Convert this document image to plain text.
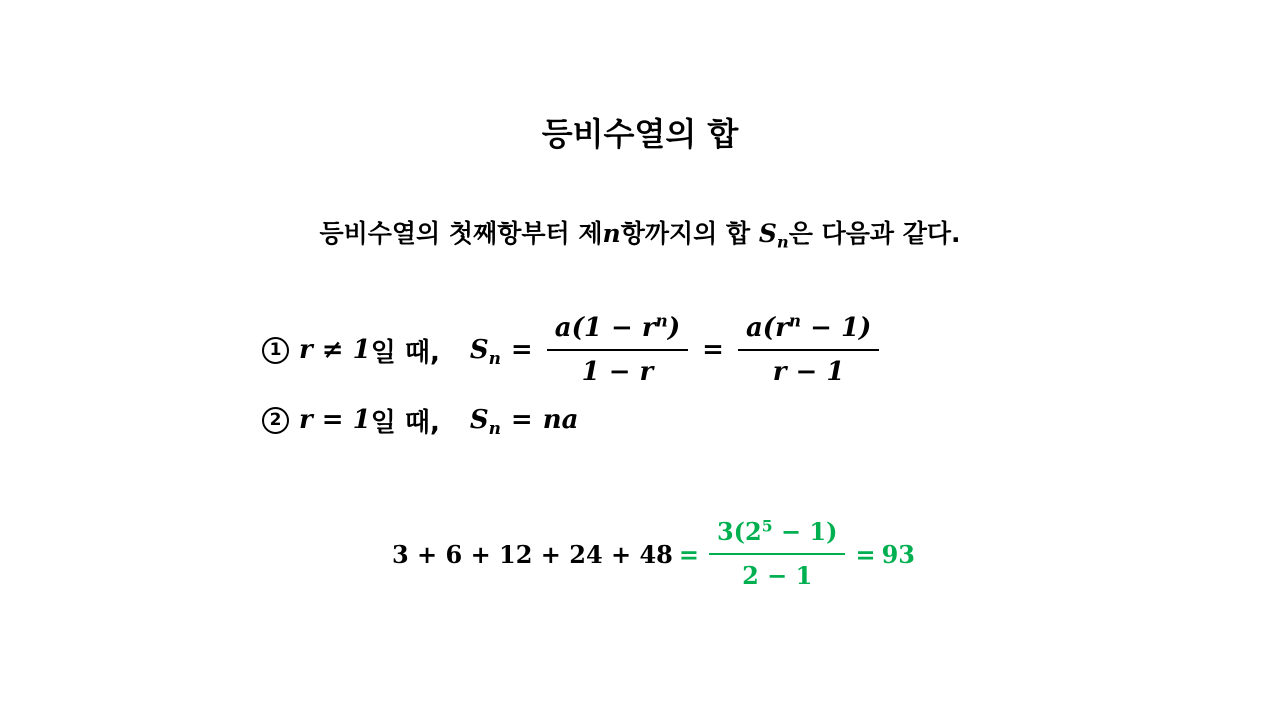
등비수열의 합
등비수열의 첫째항부터 제n항까지의 합 $S_n$은 다음과 같다.
1 r ≠ 1 일 때, $S_n = \frac{a(1 - r^n)}{1 - r} = \frac{a(r^n - 1)}{r - 1}$
2 r = 1 일 때, $S_n$ = na
$3 + 6 + 12 + 24 + 48 = \frac{3(2^5 - 1)}{2 - 1} = 93$
